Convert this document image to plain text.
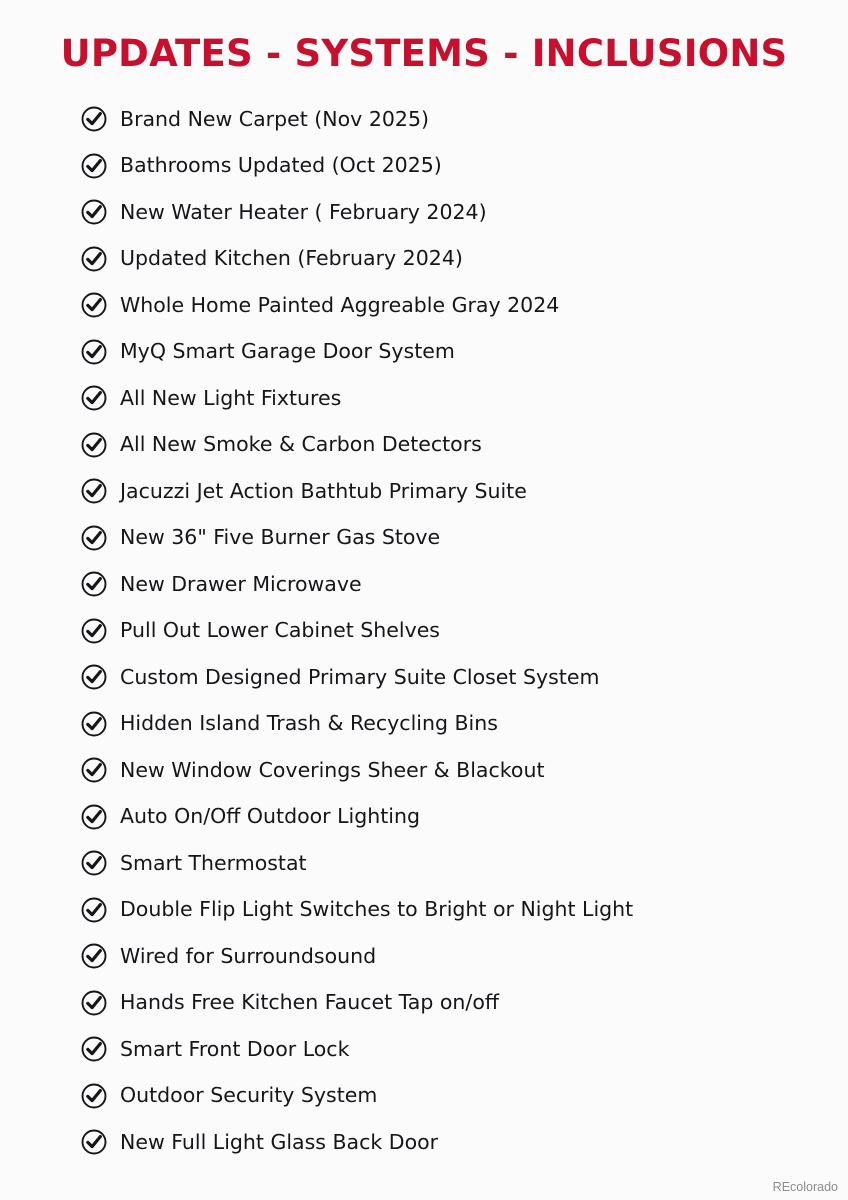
UPDATES - SYSTEMS - INCLUSIONS
Brand New Carpet (Nov 2025)
Bathrooms Updated (Oct 2025)
New Water Heater ( February 2024)
Updated Kitchen (February 2024)
Whole Home Painted Aggreable Gray 2024
MyQ Smart Garage Door System
All New Light Fixtures
All New Smoke & Carbon Detectors
Jacuzzi Jet Action Bathtub Primary Suite
New 36" Five Burner Gas Stove
New Drawer Microwave
Pull Out Lower Cabinet Shelves
Custom Designed Primary Suite Closet System
Hidden Island Trash & Recycling Bins
New Window Coverings Sheer & Blackout
Auto On/Off Outdoor Lighting
Smart Thermostat
Double Flip Light Switches to Bright or Night Light
Wired for Surroundsound
Hands Free Kitchen Faucet Tap on/off
Smart Front Door Lock
Outdoor Security System
New Full Light Glass Back Door
REcolorado
